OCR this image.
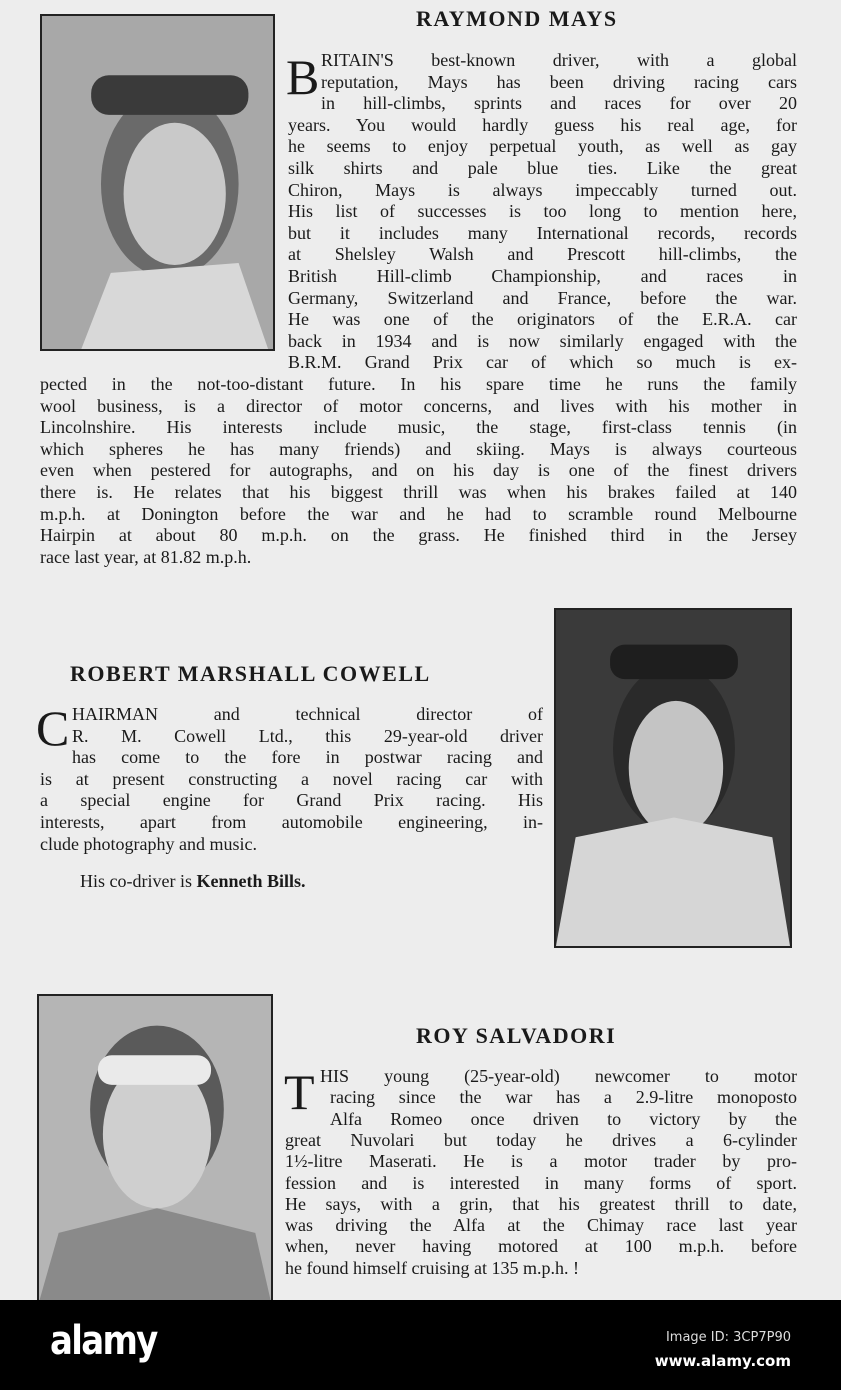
RAYMOND MAYS
B RITAIN'S best-known driver, with a global
reputation, Mays has been driving racing cars
in hill-climbs, sprints and races for over 20
years. You would hardly guess his real age, for
he seems to enjoy perpetual youth, as well as gay
silk shirts and pale blue ties. Like the great
Chiron, Mays is always impeccably turned out.
His list of successes is too long to mention here,
but it includes many International records, records
at Shelsley Walsh and Prescott hill-climbs, the
British Hill-climb Championship, and races in
Germany, Switzerland and France, before the war.
He was one of the originators of the E.R.A. car
back in 1934 and is now similarly engaged with the
B.R.M. Grand Prix car of which so much is ex-
pected in the not-too-distant future. In his spare time he runs the family
wool business, is a director of motor concerns, and lives with his mother in
Lincolnshire. His interests include music, the stage, first-class tennis (in
which spheres he has many friends) and skiing. Mays is always courteous
even when pestered for autographs, and on his day is one of the finest drivers
there is. He relates that his biggest thrill was when his brakes failed at 140
m.p.h. at Donington before the war and he had to scramble round Melbourne
Hairpin at about 80 m.p.h. on the grass. He finished third in the Jersey
race last year, at 81.82 m.p.h.
ROBERT MARSHALL COWELL
C HAIRMAN and technical director of
R. M. Cowell Ltd., this 29-year-old driver
has come to the fore in postwar racing and
is at present constructing a novel racing car with
a special engine for Grand Prix racing. His
interests, apart from automobile engineering, in-
clude photography and music.
ROY SALVADORI
T HIS young (25-year-old) newcomer to motor
racing since the war has a 2.9-litre monoposto
Alfa Romeo once driven to victory by the
great Nuvolari but today he drives a 6-cylinder
1½-litre Maserati. He is a motor trader by pro-
fession and is interested in many forms of sport.
He says, with a grin, that his greatest thrill to date,
was driving the Alfa at the Chimay race last year
when, never having motored at 100 m.p.h. before
he found himself cruising at 135 m.p.h. !
His co-driver is Kenneth Bills.
alamy	Image ID: 3CP7P90
www.alamy.com
